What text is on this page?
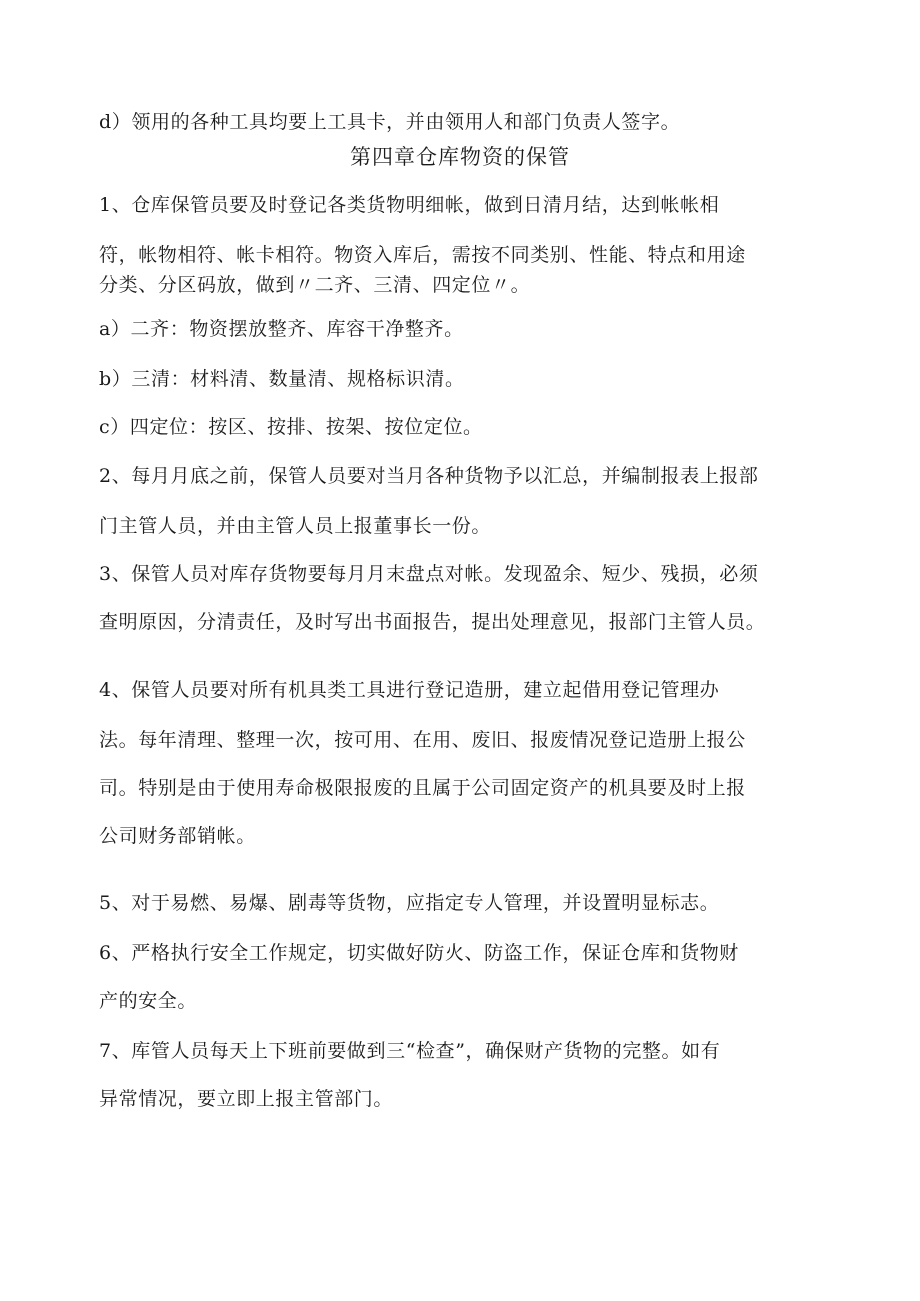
d）领用的各种工具均要上工具卡，并由领用人和部门负责人签字。

第四章仓库物资的保管

1、仓库保管员要及时登记各类货物明细帐，做到日清月结，达到帐帐相

符，帐物相符、帐卡相符。物资入库后，需按不同类别、性能、特点和用途

分类、分区码放，做到〃二齐、三清、四定位〃。

a）二齐：物资摆放整齐、库容干净整齐。

b）三清：材料清、数量清、规格标识清。

c）四定位：按区、按排、按架、按位定位。

2、每月月底之前，保管人员要对当月各种货物予以汇总，并编制报表上报部

门主管人员，并由主管人员上报董事长一份。

3、保管人员对库存货物要每月月末盘点对帐。发现盈余、短少、残损，必须

查明原因，分清责任，及时写出书面报告，提出处理意见，报部门主管人员。

4、保管人员要对所有机具类工具进行登记造册，建立起借用登记管理办

法。每年清理、整理一次，按可用、在用、废旧、报废情况登记造册上报公

司。特别是由于使用寿命极限报废的且属于公司固定资产的机具要及时上报

公司财务部销帐。

5、对于易燃、易爆、剧毒等货物，应指定专人管理，并设置明显标志。

6、严格执行安全工作规定，切实做好防火、防盗工作，保证仓库和货物财

产的安全。

7、库管人员每天上下班前要做到三“检查”，确保财产货物的完整。如有

异常情况，要立即上报主管部门。
